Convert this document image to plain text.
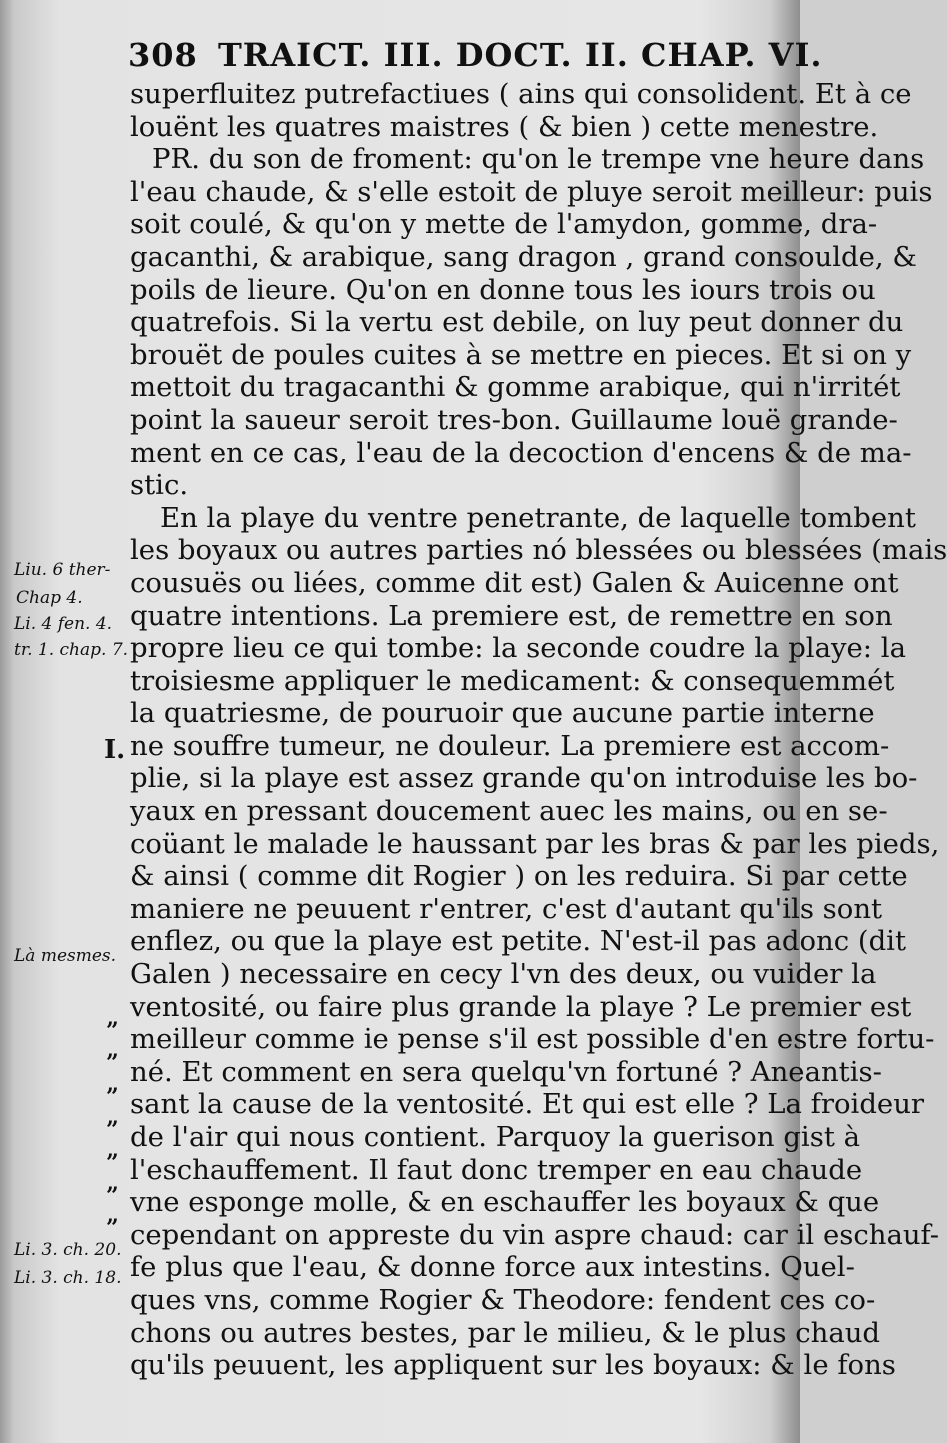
308 TRAICT. III. DOCT. II. CHAP. VI.
superfluitez putrefactiues ( ains qui consolident. Et à ce
louënt les quatres maistres ( & bien ) cette menestre.
PR. du son de froment: qu'on le trempe vne heure dans
l'eau chaude, & s'elle estoit de pluye seroit meilleur: puis
soit coulé, & qu'on y mette de l'amydon, gomme, dra-
gacanthi, & arabique, sang dragon , grand consoulde, &
poils de lieure. Qu'on en donne tous les iours trois ou
quatrefois. Si la vertu est debile, on luy peut donner du
brouët de poules cuites à se mettre en pieces. Et si on y
mettoit du tragacanthi & gomme arabique, qui n'irritét
point la saueur seroit tres-bon. Guillaume louë grande-
ment en ce cas, l'eau de la decoction d'encens & de ma-
stic.
En la playe du ventre penetrante, de laquelle tombent
les boyaux ou autres parties nó blessées ou blessées (mais
cousuës ou liées, comme dit est) Galen & Auicenne ont
quatre intentions. La premiere est, de remettre en son
propre lieu ce qui tombe: la seconde coudre la playe: la
troisiesme appliquer le medicament: & consequemmét
la quatriesme, de pouruoir que aucune partie interne
ne souffre tumeur, ne douleur. La premiere est accom-
plie, si la playe est assez grande qu'on introduise les bo-
yaux en pressant doucement auec les mains, ou en se-
coüant le malade le haussant par les bras & par les pieds,
& ainsi ( comme dit Rogier ) on les reduira. Si par cette
maniere ne peuuent r'entrer, c'est d'autant qu'ils sont
enflez, ou que la playe est petite. N'est-il pas adonc (dit
Galen ) necessaire en cecy l'vn des deux, ou vuider la
ventosité, ou faire plus grande la playe ? Le premier est
meilleur comme ie pense s'il est possible d'en estre fortu-
né. Et comment en sera quelqu'vn fortuné ? Aneantis-
sant la cause de la ventosité. Et qui est elle ? La froideur
de l'air qui nous contient. Parquoy la guerison gist à
l'eschauffement. Il faut donc tremper en eau chaude
vne esponge molle, & en eschauffer les boyaux & que
cependant on appreste du vin aspre chaud: car il eschauf-
fe plus que l'eau, & donne force aux intestins. Quel-
ques vns, comme Rogier & Theodore: fendent ces co-
chons ou autres bestes, par le milieu, & le plus chaud
qu'ils peuuent, les appliquent sur les boyaux: & le fons
Liu. 6 ther-
Chap 4.
Li. 4 fen. 4.
tr. 1. chap. 7.
Là mesmes.
Li. 3. ch. 20.
Li. 3. ch. 18.
I.
”
”
”
”
”
”
”
